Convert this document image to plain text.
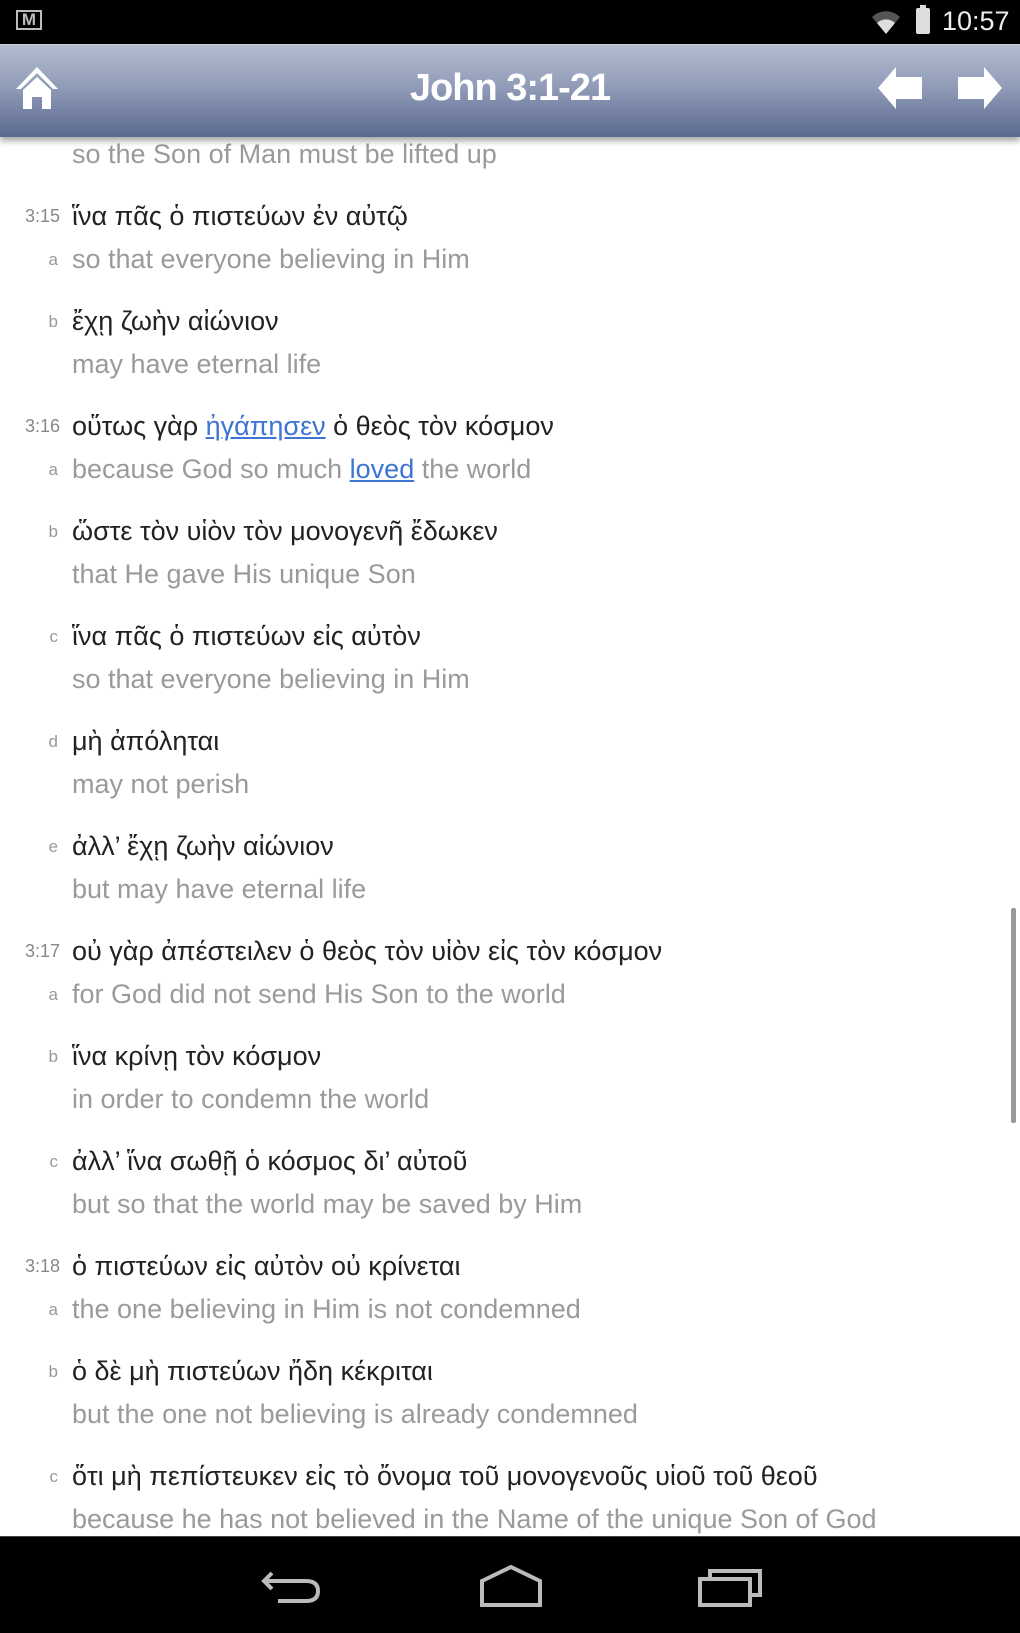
M	10:57
John 3:1-21
so the Son of Man must be lifted up
3:15 ἵνα πᾶς ὁ πιστεύων ἐν αὐτῷ
a so that everyone believing in Him
b ἔχῃ ζωὴν αἰώνιον
may have eternal life
3:16 οὕτως γὰρ ἠγάπησεν ὁ θεὸς τὸν κόσμον
a because God so much loved the world
b ὥστε τὸν υἱὸν τὸν μονογενῆ ἔδωκεν
that He gave His unique Son
c ἵνα πᾶς ὁ πιστεύων εἰς αὐτὸν
so that everyone believing in Him
d μὴ ἀπόληται
may not perish
e ἀλλ’ ἔχῃ ζωὴν αἰώνιον
but may have eternal life
3:17 οὐ γὰρ ἀπέστειλεν ὁ θεὸς τὸν υἱὸν εἰς τὸν κόσμον
a for God did not send His Son to the world
b ἵνα κρίνῃ τὸν κόσμον
in order to condemn the world
c ἀλλ’ ἵνα σωθῇ ὁ κόσμος δι’ αὐτοῦ
but so that the world may be saved by Him
3:18 ὁ πιστεύων εἰς αὐτὸν οὐ κρίνεται
a the one believing in Him is not condemned
b ὁ δὲ μὴ πιστεύων ἤδη κέκριται
but the one not believing is already condemned
c ὅτι μὴ πεπίστευκεν εἰς τὸ ὄνομα τοῦ μονογενοῦς υἱοῦ τοῦ θεοῦ
because he has not believed in the Name of the unique Son of God
